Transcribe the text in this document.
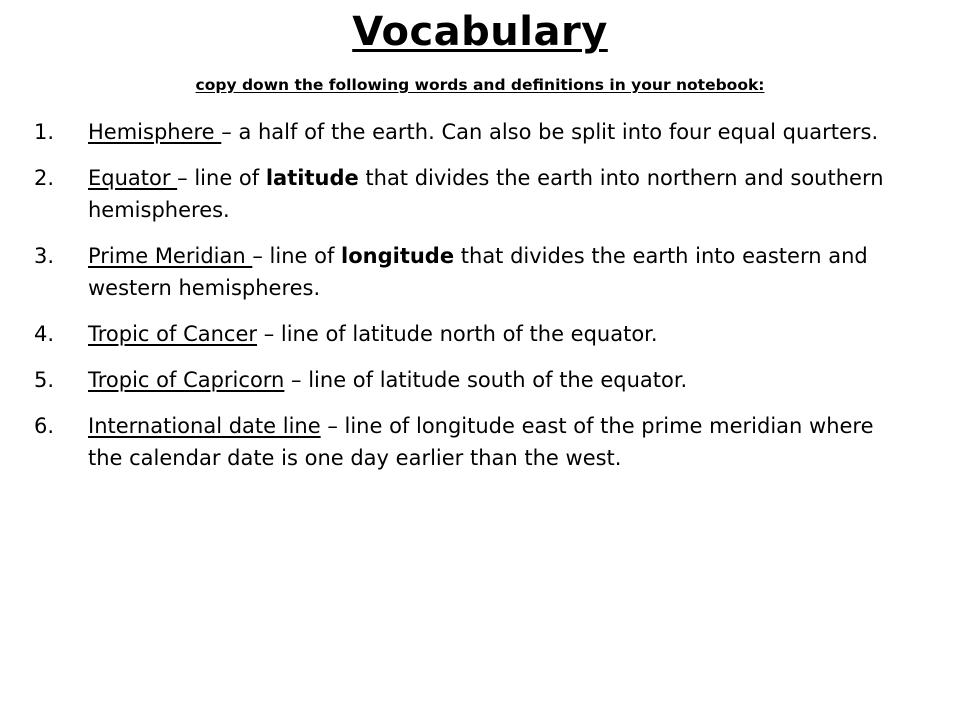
Vocabulary
copy down the following words and definitions in your notebook:
1. Hemisphere – a half of the earth. Can also be split into four equal quarters.
2. Equator – line of latitude that divides the earth into northern and southern hemispheres.
3. Prime Meridian – line of longitude that divides the earth into eastern and western hemispheres.
4. Tropic of Cancer – line of latitude north of the equator.
5. Tropic of Capricorn – line of latitude south of the equator.
6. International date line – line of longitude east of the prime meridian where the calendar date is one day earlier than the west.
